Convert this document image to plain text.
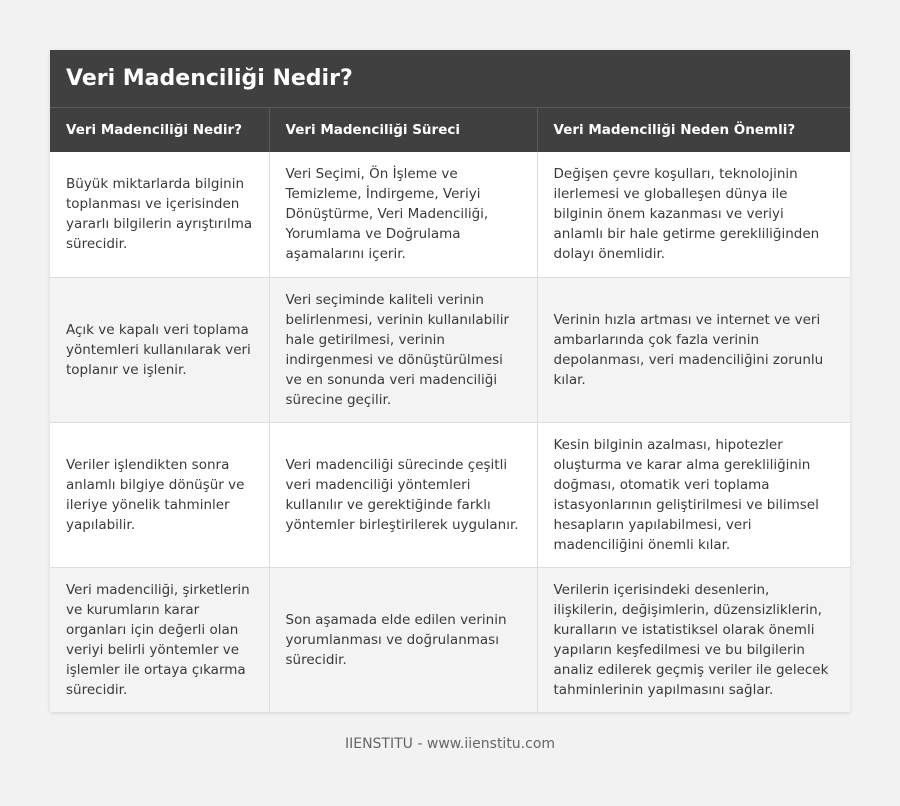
Veri Madenciliği Nedir?
Veri Madenciliği Nedir?	Veri Madenciliği Süreci	Veri Madenciliği Neden Önemli?
Büyük miktarlarda bilginin toplanması ve içerisinden yararlı bilgilerin ayrıştırılma sürecidir.	Veri Seçimi, Ön İşleme ve Temizleme, İndirgeme, Veriyi Dönüştürme, Veri Madenciliği, Yorumlama ve Doğrulama aşamalarını içerir.	Değişen çevre koşulları, teknolojinin ilerlemesi ve globalleşen dünya ile bilginin önem kazanması ve veriyi anlamlı bir hale getirme gerekliliğinden dolayı önemlidir.
Açık ve kapalı veri toplama yöntemleri kullanılarak veri toplanır ve işlenir.	Veri seçiminde kaliteli verinin belirlenmesi, verinin kullanılabilir hale getirilmesi, verinin indirgenmesi ve dönüştürülmesi ve en sonunda veri madenciliği sürecine geçilir.	Verinin hızla artması ve internet ve veri ambarlarında çok fazla verinin depolanması, veri madenciliğini zorunlu kılar.
Veriler işlendikten sonra anlamlı bilgiye dönüşür ve ileriye yönelik tahminler yapılabilir.	Veri madenciliği sürecinde çeşitli veri madenciliği yöntemleri kullanılır ve gerektiğinde farklı yöntemler birleştirilerek uygulanır.	Kesin bilginin azalması, hipotezler oluşturma ve karar alma gerekliliğinin doğması, otomatik veri toplama istasyonlarının geliştirilmesi ve bilimsel hesapların yapılabilmesi, veri madenciliğini önemli kılar.
Veri madenciliği, şirketlerin ve kurumların karar organları için değerli olan veriyi belirli yöntemler ve işlemler ile ortaya çıkarma sürecidir.	Son aşamada elde edilen verinin yorumlanması ve doğrulanması sürecidir.	Verilerin içerisindeki desenlerin, ilişkilerin, değişimlerin, düzensizliklerin, kuralların ve istatistiksel olarak önemli yapıların keşfedilmesi ve bu bilgilerin analiz edilerek geçmiş veriler ile gelecek tahminlerinin yapılmasını sağlar.
IIENSTITU - www.iienstitu.com
